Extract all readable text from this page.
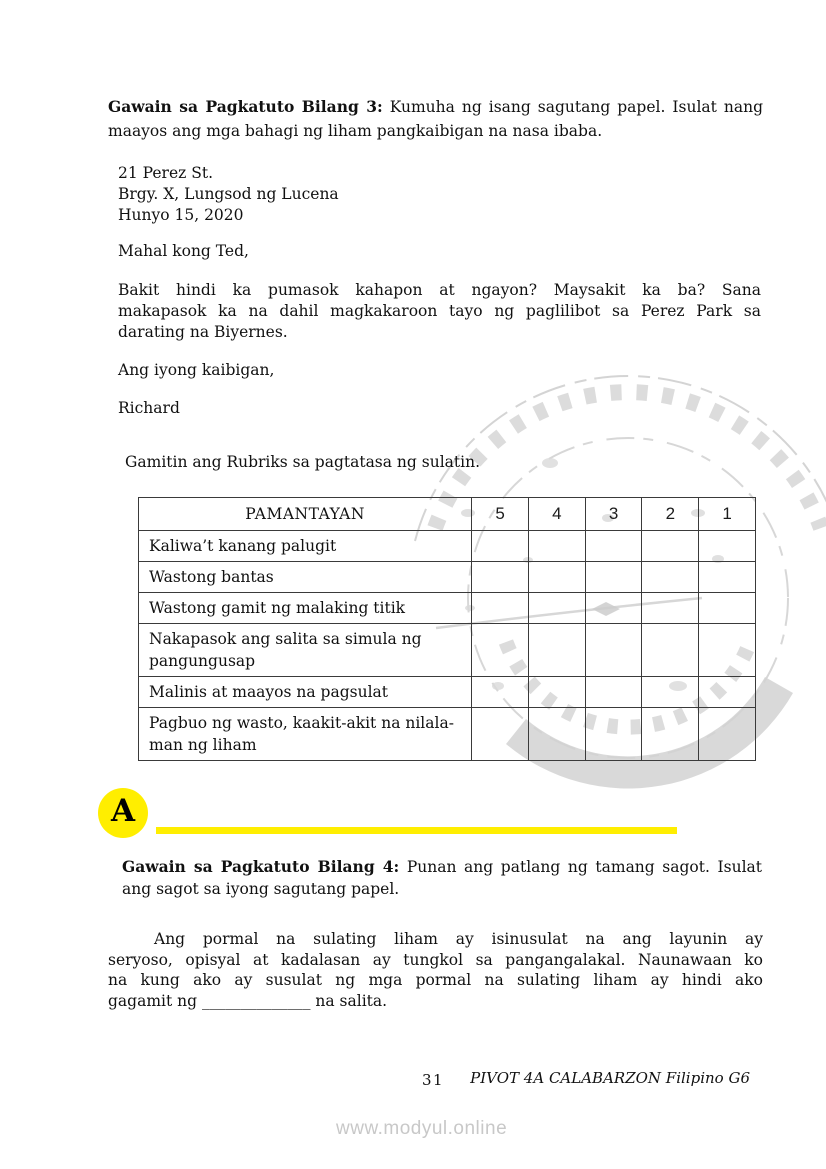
Gawain sa Pagkatuto Bilang 3: Kumuha ng isang sagutang papel. Isulat nang
maayos ang mga bahagi ng liham pangkaibigan na nasa ibaba.
21 Perez St.
Brgy. X, Lungsod ng Lucena
Hunyo 15, 2020
Mahal kong Ted,
Bakit hindi ka pumasok kahapon at ngayon? Maysakit ka ba? Sana
makapasok ka na dahil magkakaroon tayo ng paglilibot sa Perez Park sa
darating na Biyernes.
Ang iyong kaibigan,
Richard
Gamitin ang Rubriks sa pagtatasa ng sulatin.
PAMANTAYAN	5	4	3	2	1
Kaliwa’t kanang palugit					
Wastong bantas					
Wastong gamit ng malaking titik					
Nakapasok ang salita sa simula ng
pangungusap					
Malinis at maayos na pagsulat					
Pagbuo ng wasto, kaakit-akit na nilala-
man ng liham					
A
Gawain sa Pagkatuto Bilang 4: Punan ang patlang ng tamang sagot. Isulat
ang sagot sa iyong sagutang papel.
Ang pormal na sulating liham ay isinusulat na ang layunin ay
seryoso, opisyal at kadalasan ay tungkol sa pangangalakal. Naunawaan ko
na kung ako ay susulat ng mga pormal na sulating liham ay hindi ako
gagamit ng ______________ na salita.
31 PIVOT 4A CALABARZON Filipino G6
www.modyul.online
